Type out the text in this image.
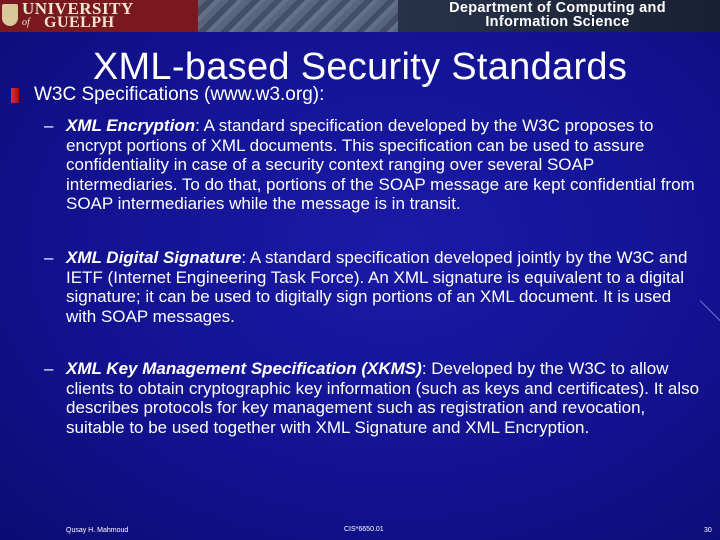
UNIVERSITY
of GUELPH
Department of Computing and
Information Science
XML-based Security Standards
W3C Specifications (www.w3.org):
– XML Encryption: A standard specification developed by the W3C proposes to encrypt portions of XML documents. This specification can be used to assure confidentiality in case of a security context ranging over several SOAP intermediaries. To do that, portions of the SOAP message are kept confidential from SOAP intermediaries while the message is in transit.
– XML Digital Signature: A standard specification developed jointly by the W3C and IETF (Internet Engineering Task Force). An XML signature is equivalent to a digital signature; it can be used to digitally sign portions of an XML document. It is used with SOAP messages.
– XML Key Management Specification (XKMS): Developed by the W3C to allow clients to obtain cryptographic key information (such as keys and certificates). It also describes protocols for key management such as registration and revocation, suitable to be used together with XML Signature and XML Encryption.
Qusay H. Mahmoud	CIS*6650.01	30
